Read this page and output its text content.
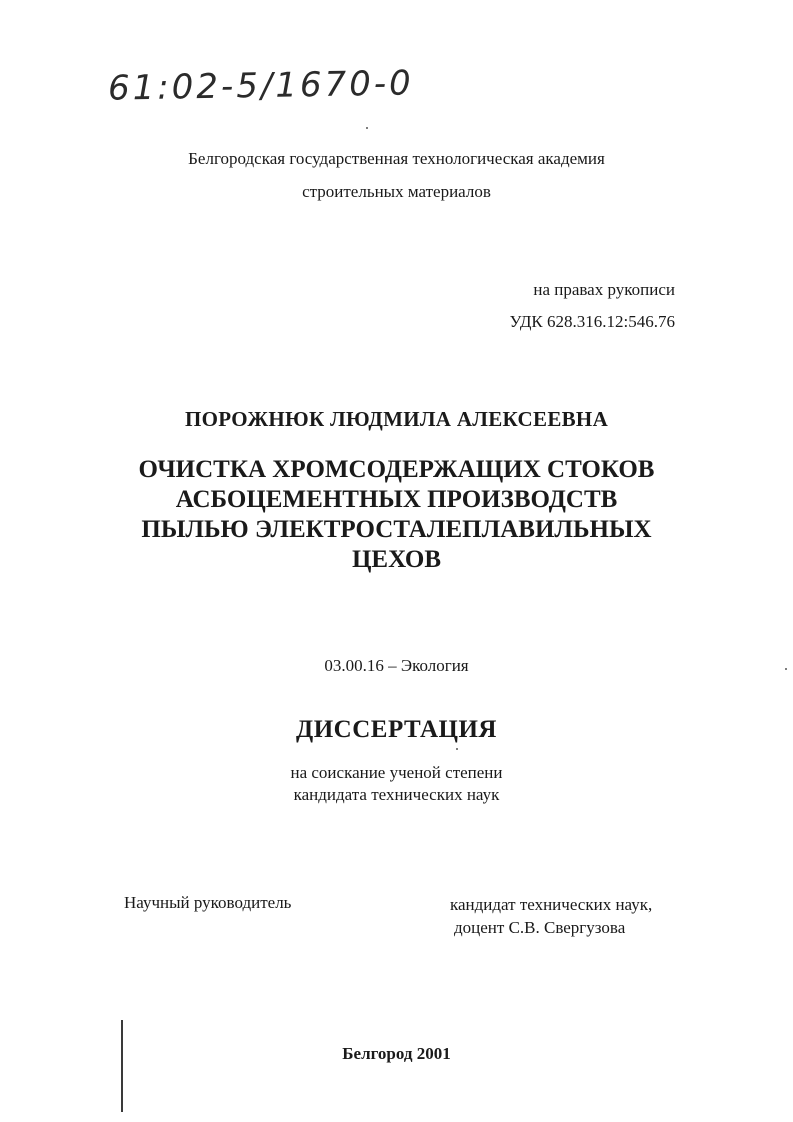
61:02-5/1670-0
Белгородская государственная технологическая академия
строительных материалов
на правах рукописи
УДК 628.316.12:546.76
ПОРОЖНЮК ЛЮДМИЛА АЛЕКСЕЕВНА
ОЧИСТКА ХРОМСОДЕРЖАЩИХ СТОКОВ
АСБОЦЕМЕНТНЫХ ПРОИЗВОДСТВ
ПЫЛЬЮ ЭЛЕКТРОСТАЛЕПЛАВИЛЬНЫХ
ЦЕХОВ
03.00.16 – Экология
ДИССЕРТАЦИЯ
на соискание ученой степени
кандидата технических наук
Научный руководитель	кандидат технических наук,
доцент С.В. Свергузова
Белгород 2001
